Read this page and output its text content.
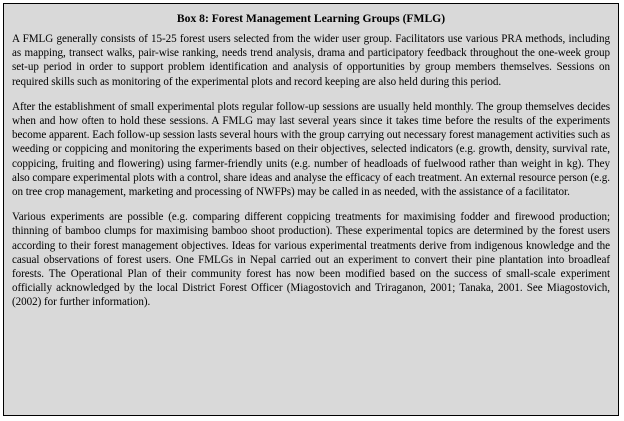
Box 8: Forest Management Learning Groups (FMLG)

A FMLG generally consists of 15-25 forest users selected from the wider user group. Facilitators use various PRA methods, including as mapping, transect walks, pair-wise ranking, needs trend analysis, drama and participatory feedback throughout the one-week group set-up period in order to support problem identification and analysis of opportunities by group members themselves. Sessions on required skills such as monitoring of the experimental plots and record keeping are also held during this period.

After the establishment of small experimental plots regular follow-up sessions are usually held monthly. The group themselves decides when and how often to hold these sessions. A FMLG may last several years since it takes time before the results of the experiments become apparent. Each follow-up session lasts several hours with the group carrying out necessary forest management activities such as weeding or coppicing and monitoring the experiments based on their objectives, selected indicators (e.g. growth, density, survival rate, coppicing, fruiting and flowering) using farmer-friendly units (e.g. number of headloads of fuelwood rather than weight in kg). They also compare experimental plots with a control, share ideas and analyse the efficacy of each treatment. An external resource person (e.g. on tree crop management, marketing and processing of NWFPs) may be called in as needed, with the assistance of a facilitator.

Various experiments are possible (e.g. comparing different coppicing treatments for maximising fodder and firewood production; thinning of bamboo clumps for maximising bamboo shoot production). These experimental topics are determined by the forest users according to their forest management objectives. Ideas for various experimental treatments derive from indigenous knowledge and the casual observations of forest users. One FMLGs in Nepal carried out an experiment to convert their pine plantation into broadleaf forests. The Operational Plan of their community forest has now been modified based on the success of small-scale experiment officially acknowledged by the local District Forest Officer (Miagostovich and Triraganon, 2001; Tanaka, 2001. See Miagostovich, (2002) for further information).
